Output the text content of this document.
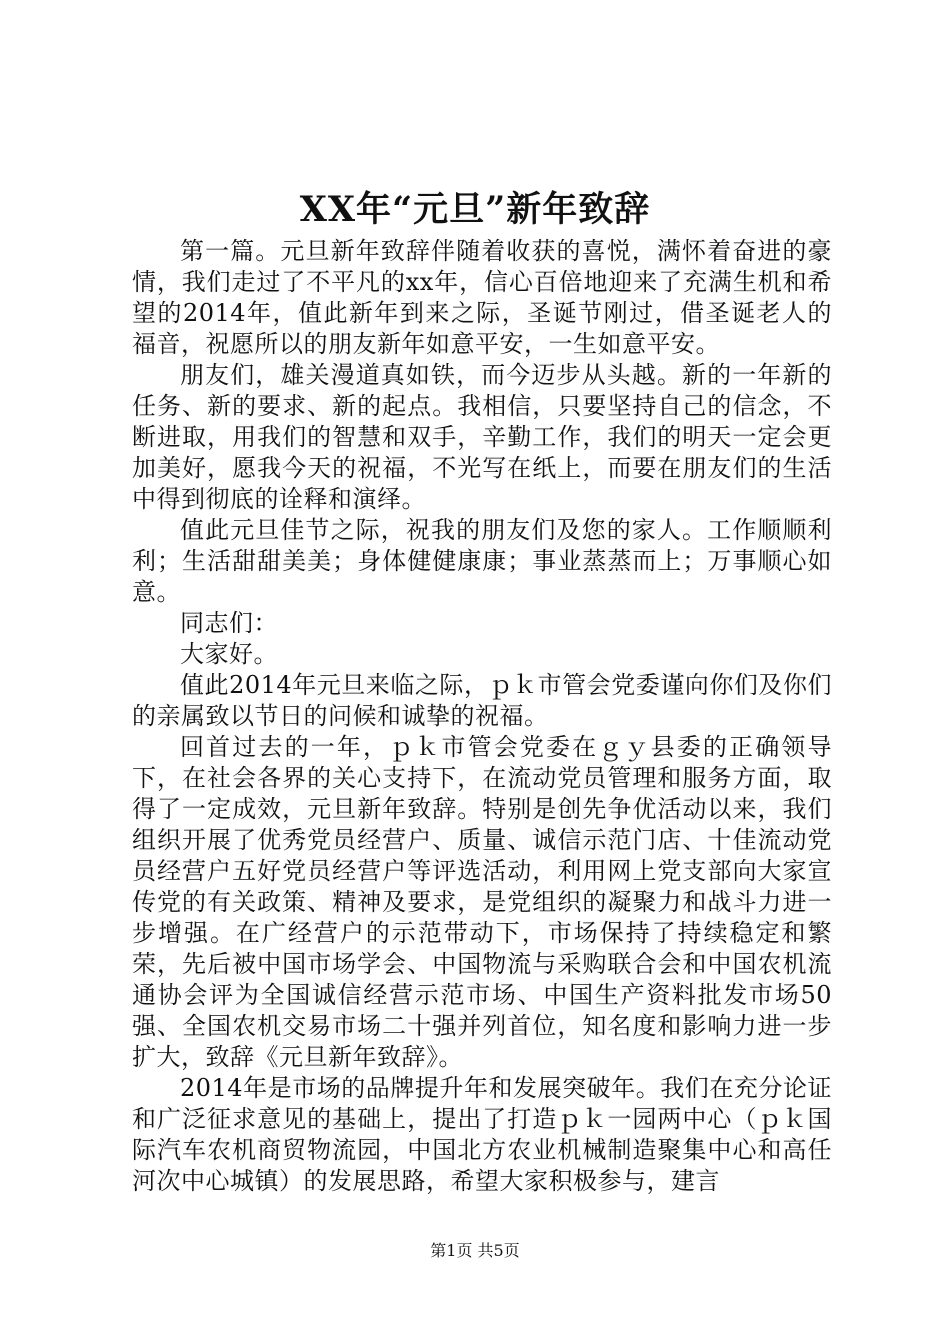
XX年“元旦”新年致辞

第一篇。元旦新年致辞伴随着收获的喜悦，满怀着奋进的豪情，我们走过了不平凡的xx年，信心百倍地迎来了充满生机和希望的2014年，值此新年到来之际，圣诞节刚过，借圣诞老人的福音，祝愿所以的朋友新年如意平安，一生如意平安。

朋友们，雄关漫道真如铁，而今迈步从头越。新的一年新的任务、新的要求、新的起点。我相信，只要坚持自己的信念，不断进取，用我们的智慧和双手，辛勤工作，我们的明天一定会更加美好，愿我今天的祝福，不光写在纸上，而要在朋友们的生活中得到彻底的诠释和演绎。

值此元旦佳节之际，祝我的朋友们及您的家人。工作顺顺利利；生活甜甜美美；身体健健康康；事业蒸蒸而上；万事顺心如意。

同志们：

大家好。

值此2014年元旦来临之际，ｐｋ市管会党委谨向你们及你们的亲属致以节日的问候和诚挚的祝福。

回首过去的一年，ｐｋ市管会党委在ｇｙ县委的正确领导下，在社会各界的关心支持下，在流动党员管理和服务方面，取得了一定成效，元旦新年致辞。特别是创先争优活动以来，我们组织开展了优秀党员经营户、质量、诚信示范门店、十佳流动党员经营户五好党员经营户等评选活动，利用网上党支部向大家宣传党的有关政策、精神及要求，是党组织的凝聚力和战斗力进一步增强。在广经营户的示范带动下，市场保持了持续稳定和繁荣，先后被中国市场学会、中国物流与采购联合会和中国农机流通协会评为全国诚信经营示范市场、中国生产资料批发市场50强、全国农机交易市场二十强并列首位，知名度和影响力进一步扩大，致辞《元旦新年致辞》。

2014年是市场的品牌提升年和发展突破年。我们在充分论证和广泛征求意见的基础上，提出了打造ｐｋ一园两中心（ｐｋ国际汽车农机商贸物流园，中国北方农业机械制造聚集中心和高任河次中心城镇）的发展思路，希望大家积极参与，建言

第1页 共5页
